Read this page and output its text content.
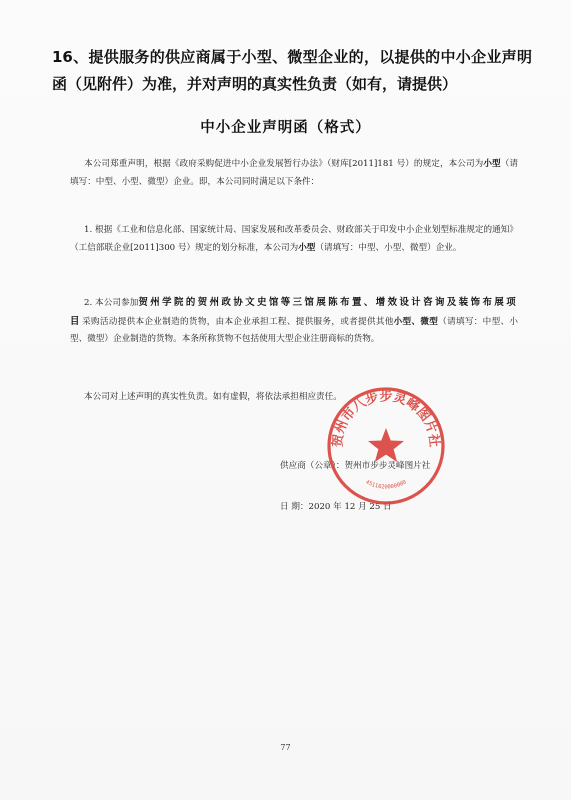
16、提供服务的供应商属于小型、微型企业的，以提供的中小企业声明函（见附件）为准，并对声明的真实性负责（如有，请提供）
中小企业声明函（格式）
本公司郑重声明，根据《政府采购促进中小企业发展暂行办法》（财库[2011]181 号）的规定，本公司为小型（请填写：中型、小型、微型）企业。即，本公司同时满足以下条件：
1. 根据《工业和信息化部、国家统计局、国家发展和改革委员会、财政部关于印发中小企业划型标准规定的通知》（工信部联企业[2011]300 号）规定的划分标准，本公司为小型（请填写：中型、小型、微型）企业。
2. 本公司参加贺州学院的贺州政协文史馆等三馆展陈布置、增效设计咨询及装饰布展项目采购活动提供本企业制造的货物，由本企业承担工程、提供服务，或者提供其他小型、微型（请填写：中型、小型、微型）企业制造的货物。本条所称货物不包括使用大型企业注册商标的货物。
本公司对上述声明的真实性负责。如有虚假，将依法承担相应责任。
供应商（公章）：贺州市步步灵峰图片社
日 期：2020 年 12 月 25 日
贺州市八步步灵峰图片社
4511020000000
77
